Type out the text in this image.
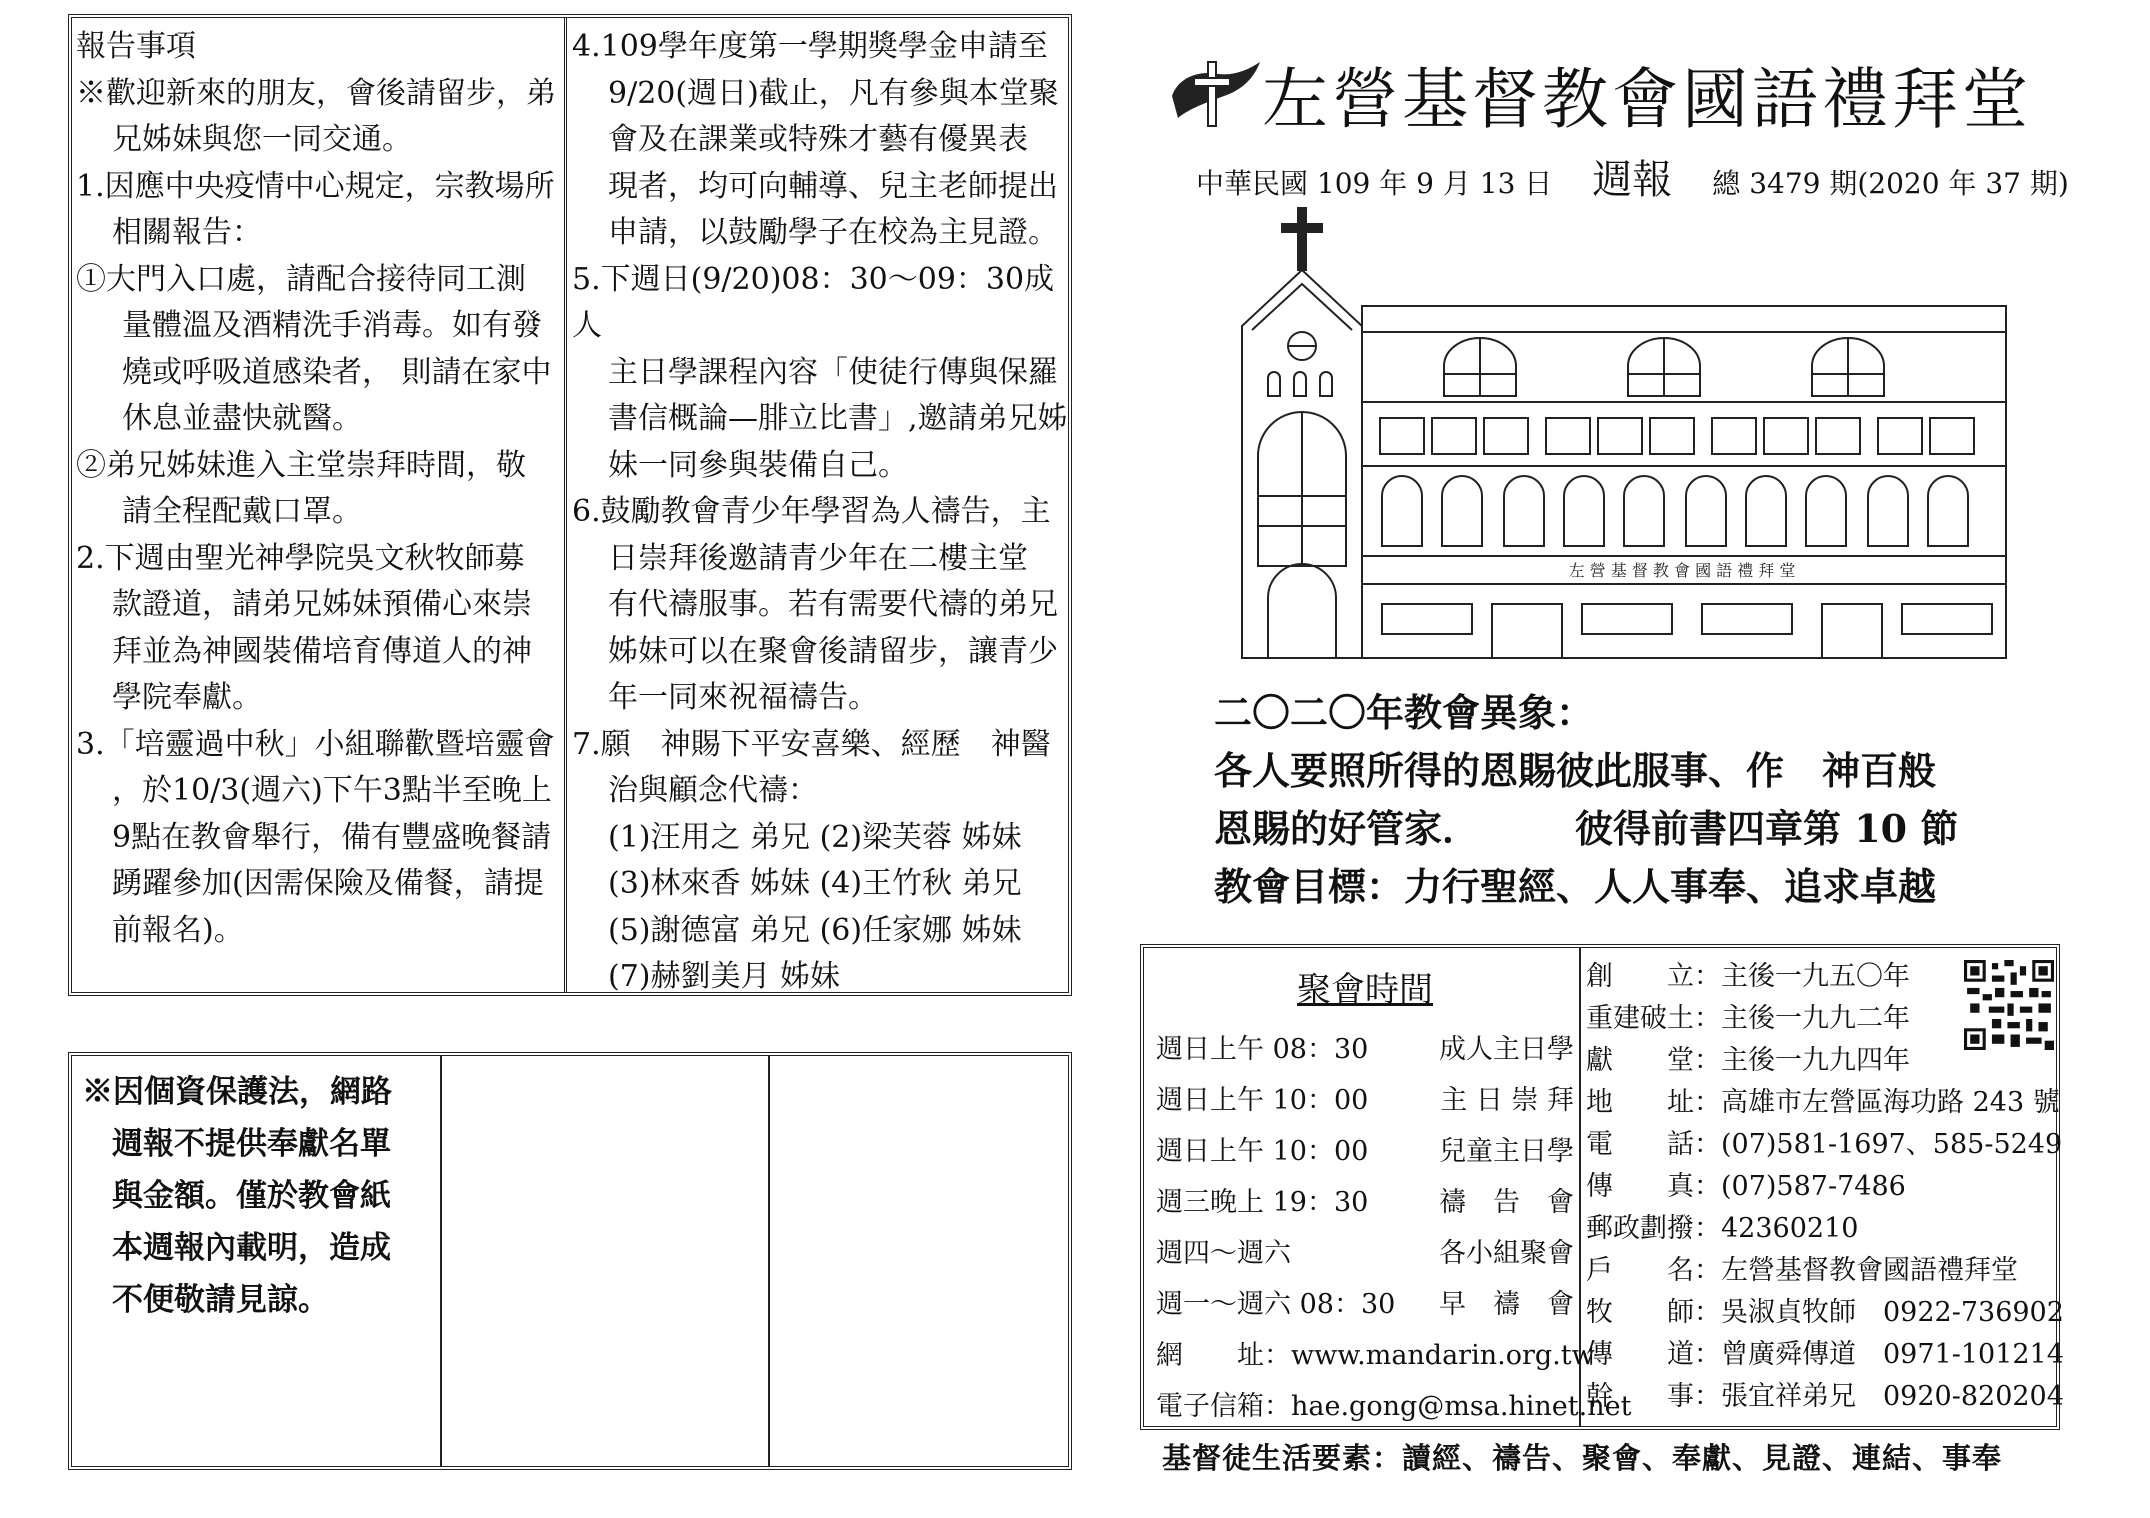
報告事項
※歡迎新來的朋友，會後請留步，弟
兄姊妹與您一同交通。
1.因應中央疫情中心規定，宗教場所
相關報告：
①大門入口處，請配合接待同工測
量體溫及酒精洗手消毒。如有發
燒或呼吸道感染者， 則請在家中
休息並盡快就醫。
②弟兄姊妹進入主堂崇拜時間，敬
請全程配戴口罩。
2.下週由聖光神學院吳文秋牧師募
款證道，請弟兄姊妹預備心來崇
拜並為神國裝備培育傳道人的神
學院奉獻。
3.「培靈過中秋」小組聯歡暨培靈會
，於10/3(週六)下午3點半至晚上
9點在教會舉行，備有豐盛晚餐請
踴躍參加(因需保險及備餐，請提
前報名)。
4.109學年度第一學期獎學金申請至
9/20(週日)截止，凡有參與本堂聚
會及在課業或特殊才藝有優異表
現者，均可向輔導、兒主老師提出
申請，以鼓勵學子在校為主見證。
5.下週日(9/20)08：30～09：30成人
主日學課程內容「使徒行傳與保羅
書信概論—腓立比書」,邀請弟兄姊
妹一同參與裝備自己。
6.鼓勵教會青少年學習為人禱告，主
日崇拜後邀請青少年在二樓主堂
有代禱服事。若有需要代禱的弟兄
姊妹可以在聚會後請留步，讓青少
年一同來祝福禱告。
7.願　神賜下平安喜樂、經歷　神醫
治與顧念代禱：
(1)汪用之 弟兄 (2)梁芙蓉 姊妹
(3)林來香 姊妹 (4)王竹秋 弟兄
(5)謝德富 弟兄 (6)任家娜 姊妹
(7)赫劉美月 姊妹
※因個資保護法，網路
週報不提供奉獻名單
與金額。僅於教會紙
本週報內載明，造成
不便敬請見諒。
左營基督教會國語禮拜堂
中華民國 109 年 9 月 13 日 週報 總 3479 期(2020 年 37 期)
左 營 基 督 教 會 國 語 禮 拜 堂
二〇二〇年教會異象：
各人要照所得的恩賜彼此服事、作　神百般
恩賜的好管家．　　　彼得前書四章第 10 節
教會目標：力行聖經、人人事奉、追求卓越
聚會時間
週日上午 08：30	成人主日學
週日上午 10：00	主 日 崇 拜
週日上午 10：00	兒童主日學
週三晚上 19：30	禱　告　會
週四～週六	各小組聚會
週一～週六 08：30 早　禱　會
網　　址：www.mandarin.org.tw
電子信箱：hae.gong@msa.hinet.net
創　　立：主後一九五〇年
重建破土：主後一九九二年
獻　　堂：主後一九九四年
地　　址：高雄市左營區海功路 243 號
電　　話：(07)581-1697、585-5249
傳　　真：(07)587-7486
郵政劃撥：42360210
戶　　名：左營基督教會國語禮拜堂
牧　　師：吳淑貞牧師　0922-736902
傳　　道：曾廣舜傳道　0971-101214
幹　　事：張宜祥弟兄　0920-820204
基督徒生活要素：讀經、禱告、聚會、奉獻、見證、連結、事奉
